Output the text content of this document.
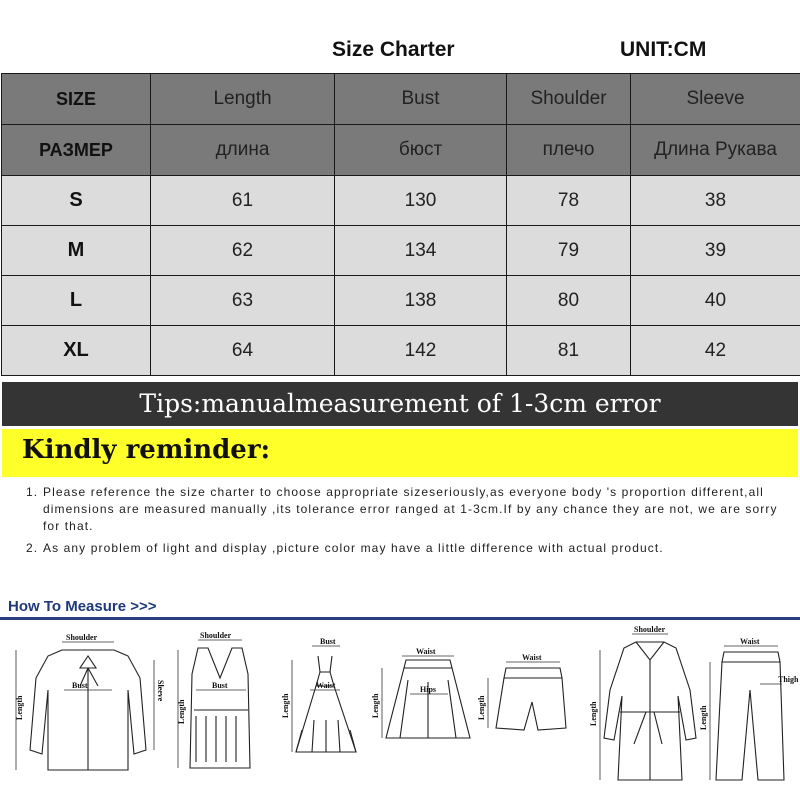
Size Charter	UNIT:CM
SIZE	Length	Bust	Shoulder	Sleeve
РАЗМЕР	длина	бюст	плечо	Длина Рукава
S	61	130	78	38
M	62	134	79	39
L	63	138	80	40
XL	64	142	81	42
Tips:manualmeasurement of 1-3cm error
Kindly reminder:

1. Please reference the size charter to choose appropriate sizeseriously,as everyone body 's proportion different,all dimensions are measured manually ,its tolerance error ranged at 1-3cm.If by any chance they are not, we are sorry for that.

2. As any problem of light and display ,picture color may have a little difference with actual product.

How To Measure >>>
Shoulder
Length
Bust	Sleeve
Shoulder
Length
Bust
Bust
Length
Waist
Waist
Length
Hips
Waist
Length
Shoulder
Length
Waist
Length
Thigh
